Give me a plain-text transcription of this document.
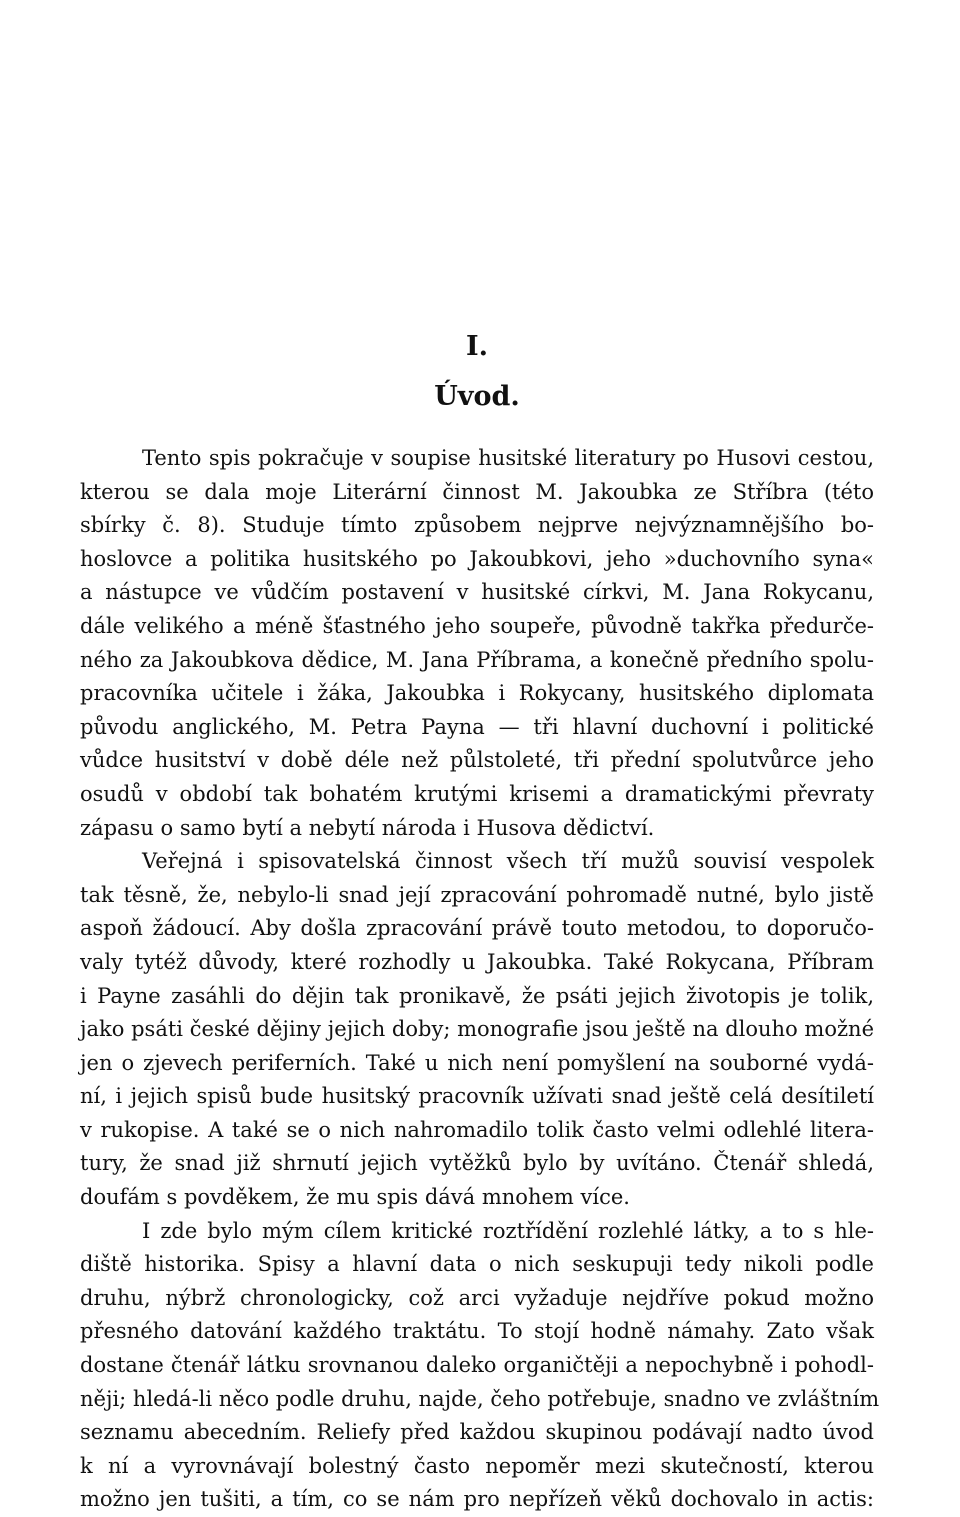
I.
Úvod.
Tento spis pokračuje v soupise husitské literatury po Husovi cestou,
kterou se dala moje Literární činnost M. Jakoubka ze Stříbra (této
sbírky č. 8). Studuje tímto způsobem nejprve nejvýznamnějšího bo-
hoslovce a politika husitského po Jakoubkovi, jeho »duchovního syna«
a nástupce ve vůdčím postavení v husitské církvi, M. Jana Rokycanu,
dále velikého a méně šťastného jeho soupeře, původně takřka předurče-
ného za Jakoubkova dědice, M. Jana Příbrama, a konečně předního spolu-
pracovníka učitele i žáka, Jakoubka i Rokycany, husitského diplomata
původu anglického, M. Petra Payna — tři hlavní duchovní i politické
vůdce husitství v době déle než půlstoleté, tři přední spolutvůrce jeho
osudů v období tak bohatém krutými krisemi a dramatickými převraty
zápasu o samo bytí a nebytí národa i Husova dědictví.
Veřejná i spisovatelská činnost všech tří mužů souvisí vespolek
tak těsně, že, nebylo-li snad její zpracování pohromadě nutné, bylo jistě
aspoň žádoucí. Aby došla zpracování právě touto metodou, to doporučo-
valy tytéž důvody, které rozhodly u Jakoubka. Také Rokycana, Příbram
i Payne zasáhli do dějin tak pronikavě, že psáti jejich životopis je tolik,
jako psáti české dějiny jejich doby; monografie jsou ještě na dlouho možné
jen o zjevech periferních. Také u nich není pomyšlení na souborné vydá-
ní, i jejich spisů bude husitský pracovník užívati snad ještě celá desítiletí
v rukopise. A také se o nich nahromadilo tolik často velmi odlehlé litera-
tury, že snad již shrnutí jejich vytěžků bylo by uvítáno. Čtenář shledá,
doufám s povděkem, že mu spis dává mnohem více.
I zde bylo mým cílem kritické roztřídění rozlehlé látky, a to s hle-
diště historika. Spisy a hlavní data o nich seskupuji tedy nikoli podle
druhu, nýbrž chronologicky, což arci vyžaduje nejdříve pokud možno
přesného datování každého traktátu. To stojí hodně námahy. Zato však
dostane čtenář látku srovnanou daleko organičtěji a nepochybně i pohodl-
něji; hledá-li něco podle druhu, najde, čeho potřebuje, snadno ve zvláštním
seznamu abecedním. Reliefy před každou skupinou podávají nadto úvod
k ní a vyrovnávají bolestný často nepoměr mezi skutečností, kterou
možno jen tušiti, a tím, co se nám pro nepřízeň věků dochovalo in actis:
